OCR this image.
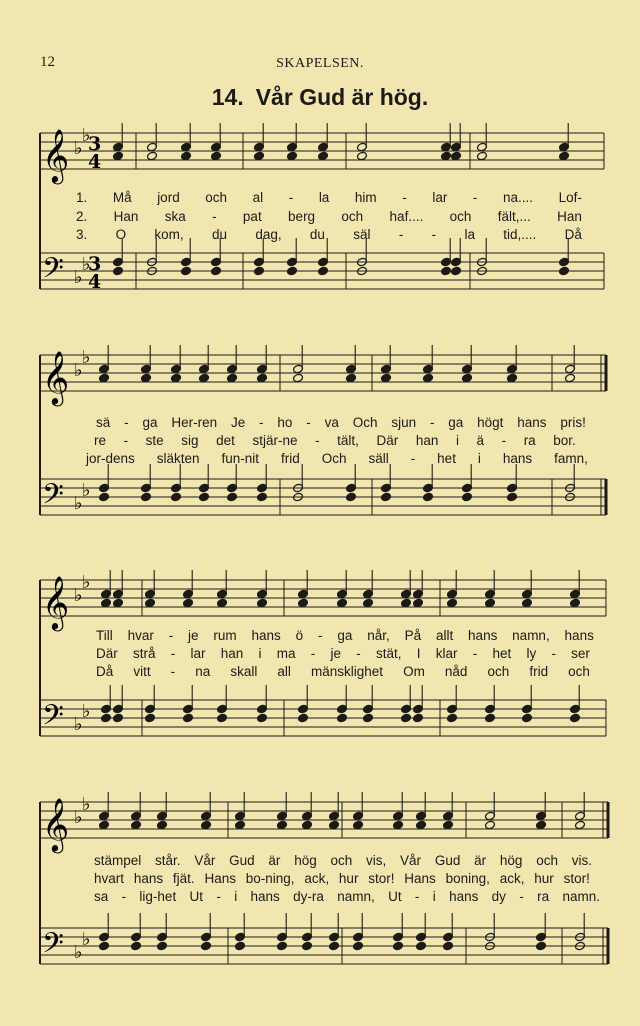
12	SKAPELSEN.
14. Vår Gud är hög.
𝄞 ♭
♭
𝄢 ♭
♭
3
4
3
4
1. Må jord och al - la him - lar - na.... Lof-
2. Han ska - pat berg och haf.... och fält,... Han
3. O kom, du dag, du säl - - la tid,.... Då
𝄞 ♭
♭
𝄢 ♭
♭
sä - ga Her-ren Je - ho - va Och sjun - ga högt hans pris!
re - ste sig det stjär-ne - tält, Där han i ä - ra bor.
jor-dens släkten fun-nit frid Och säll - het i hans famn,
𝄞 ♭
♭
𝄢 ♭
♭
Till hvar - je rum hans ö - ga når, På allt hans namn, hans
Där strå - lar han i ma - je - stät, I klar - het ly - ser
Då vitt - na skall all mänsklighet Om nåd och frid och
𝄞 ♭
♭
𝄢 ♭
♭
stämpel står. Vår Gud är hög och vis, Vår Gud är hög och vis.
hvart hans fjät. Hans bo-ning, ack, hur stor! Hans boning, ack, hur stor!
sa - lig-het Ut - i hans dy-ra namn, Ut - i hans dy - ra namn.
